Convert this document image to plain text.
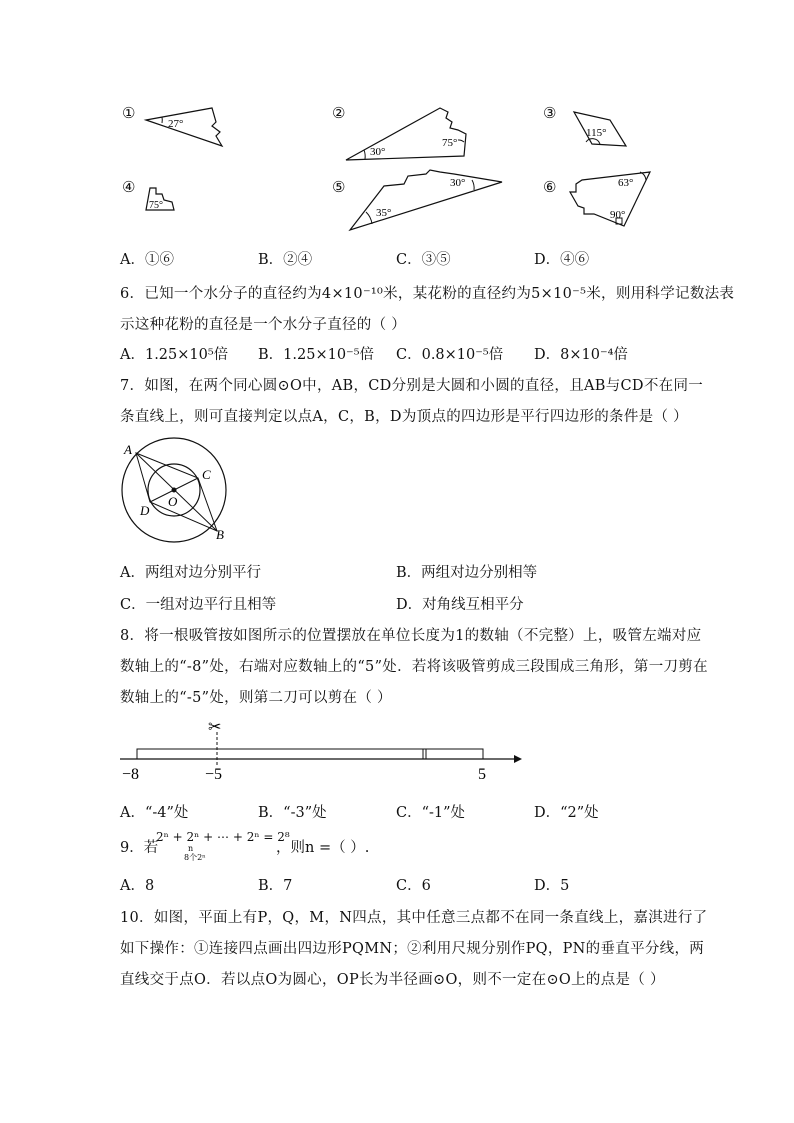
①
27°
②
30°
75°
③
115°
④
75°
⑤
35°
30°	⑥	63°
90°
A．①⑥	B．②④	C．③⑤	D．④⑥
6．已知一个水分子的直径约为4×10⁻¹⁰米，某花粉的直径约为5×10⁻⁵米，则用科学记数法表
示这种花粉的直径是一个水分子直径的（ ）
A．1.25×10⁵倍 B．1.25×10⁻⁵倍 C．0.8×10⁻⁵倍 D．8×10⁻⁴倍
7．如图，在两个同心圆⊙O中，AB，CD分别是大圆和小圆的直径，且AB与CD不在同一
条直线上，则可直接判定以点A，C，B，D为顶点的四边形是平行四边形的条件是（ ）
A
C
O
D
B
A．两组对边分别平行	B．两组对边分别相等
C．一组对边平行且相等	D．对角线互相平分
8．将一根吸管按如图所示的位置摆放在单位长度为1的数轴（不完整）上，吸管左端对应
数轴上的“-8”处，右端对应数轴上的“5”处．若将该吸管剪成三段围成三角形，第一刀剪在
数轴上的“-5”处，则第二刀可以剪在（ ）
✂
−8	−5	5
A．“-4”处	B．“-3”处	C．“-1”处	D．“2”处
9．若
2ⁿ + 2ⁿ + ⋯ + 2ⁿ = 2⁸
n
8个2ⁿ
，则n =（ ）.
A．8	B．7	C．6	D．5
10．如图，平面上有P，Q，M，N四点，其中任意三点都不在同一条直线上，嘉淇进行了
如下操作：①连接四点画出四边形PQMN；②利用尺规分别作PQ，PN的垂直平分线，两
直线交于点O．若以点O为圆心，OP长为半径画⊙O，则不一定在⊙O上的点是（ ）
